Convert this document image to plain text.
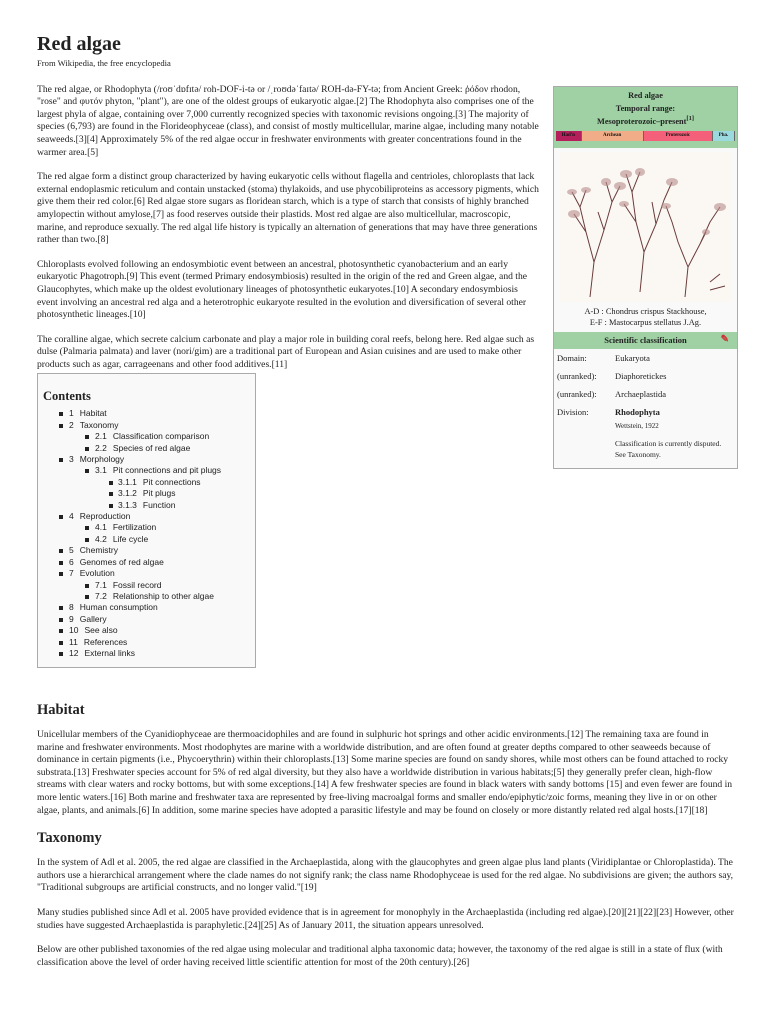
Red algae
From Wikipedia, the free encyclopedia

The red algae, or Rhodophyta (/roʊˈdɒfɪtə/ roh-DOF-i-tə or /ˌroʊdəˈfaɪtə/ ROH-də-FY-tə; from Ancient Greek: ῥόδον rhodon, "rose" and φυτόν phyton, "plant"), are one of the oldest groups of eukaryotic algae.[2] The Rhodophyta also comprises one of the largest phyla of algae, containing over 7,000 currently recognized species with taxonomic revisions ongoing.[3] The majority of species (6,793) are found in the Florideophyceae (class), and consist of mostly multicellular, marine algae, including many notable seaweeds.[3][4] Approximately 5% of the red algae occur in freshwater environments with greater concentrations found in the warmer area.[5]

The red algae form a distinct group characterized by having eukaryotic cells without flagella and centrioles, chloroplasts that lack external endoplasmic reticulum and contain unstacked (stoma) thylakoids, and use phycobiliproteins as accessory pigments, which give them their red color.[6] Red algae store sugars as floridean starch, which is a type of starch that consists of highly branched amylopectin without amylose,[7] as food reserves outside their plastids. Most red algae are also multicellular, macroscopic, marine, and reproduce sexually. The red algal life history is typically an alternation of generations that may have three generations rather than two.[8]

Chloroplasts evolved following an endosymbiotic event between an ancestral, photosynthetic cyanobacterium and an early eukaryotic Phagotroph.[9] This event (termed Primary endosymbiosis) resulted in the origin of the red and Green algae, and the Glaucophytes, which make up the oldest evolutionary lineages of photosynthetic eukaryotes.[10] A secondary endosymbiosis event involving an ancestral red alga and a heterotrophic eukaryote resulted in the evolution and diversification of several other photosynthetic lineages.[10]

The coralline algae, which secrete calcium carbonate and play a major role in building coral reefs, belong here. Red algae such as dulse (Palmaria palmata) and laver (nori/gim) are a traditional part of European and Asian cuisines and are used to make other products such as agar, carrageenans and other food additives.[11]

Red algae
Temporal range:
Mesoproterozoic–present[1]
Had'n	Archean	Proterozoic	Pha.
A-D : Chondrus crispus Stackhouse,
E-F : Mastocarpus stellatus J.Ag.
Scientific classification	✎
Domain:	Eukaryota
(unranked):	Diaphoretickes
(unranked):	Archaeplastida
Division:	Rhodophyta
Wettstein, 1922
Classification is currently disputed. See Taxonomy.
Contents
1 Habitat
2 Taxonomy
2.1 Classification comparison
2.2 Species of red algae
3 Morphology
3.1 Pit connections and pit plugs
3.1.1 Pit connections
3.1.2 Pit plugs
3.1.3 Function
4 Reproduction
4.1 Fertilization
4.2 Life cycle
5 Chemistry
6 Genomes of red algae
7 Evolution
7.1 Fossil record
7.2 Relationship to other algae
8 Human consumption
9 Gallery
10 See also
11 References
12 External links
Habitat

Unicellular members of the Cyanidiophyceae are thermoacidophiles and are found in sulphuric hot springs and other acidic environments.[12] The remaining taxa are found in marine and freshwater environments. Most rhodophytes are marine with a worldwide distribution, and are often found at greater depths compared to other seaweeds because of dominance in certain pigments (i.e., Phycoerythrin) within their chloroplasts.[13] Some marine species are found on sandy shores, while most others can be found attached to rocky substrata.[13] Freshwater species account for 5% of red algal diversity, but they also have a worldwide distribution in various habitats;[5] they generally prefer clean, high-flow streams with clear waters and rocky bottoms, but with some exceptions.[14] A few freshwater species are found in black waters with sandy bottoms [15] and even fewer are found in more lentic waters.[16] Both marine and freshwater taxa are represented by free-living macroalgal forms and smaller endo/epiphytic/zoic forms, meaning they live in or on other algae, plants, and animals.[6] In addition, some marine species have adopted a parasitic lifestyle and may be found on closely or more distantly related red algal hosts.[17][18]

Taxonomy

In the system of Adl et al. 2005, the red algae are classified in the Archaeplastida, along with the glaucophytes and green algae plus land plants (Viridiplantae or Chloroplastida). The authors use a hierarchical arrangement where the clade names do not signify rank; the class name Rhodophyceae is used for the red algae. No subdivisions are given; the authors say, "Traditional subgroups are artificial constructs, and no longer valid."[19]

Many studies published since Adl et al. 2005 have provided evidence that is in agreement for monophyly in the Archaeplastida (including red algae).[20][21][22][23] However, other studies have suggested Archaeplastida is paraphyletic.[24][25] As of January 2011, the situation appears unresolved.

Below are other published taxonomies of the red algae using molecular and traditional alpha taxonomic data; however, the taxonomy of the red algae is still in a state of flux (with classification above the level of order having received little scientific attention for most of the 20th century).[26]
